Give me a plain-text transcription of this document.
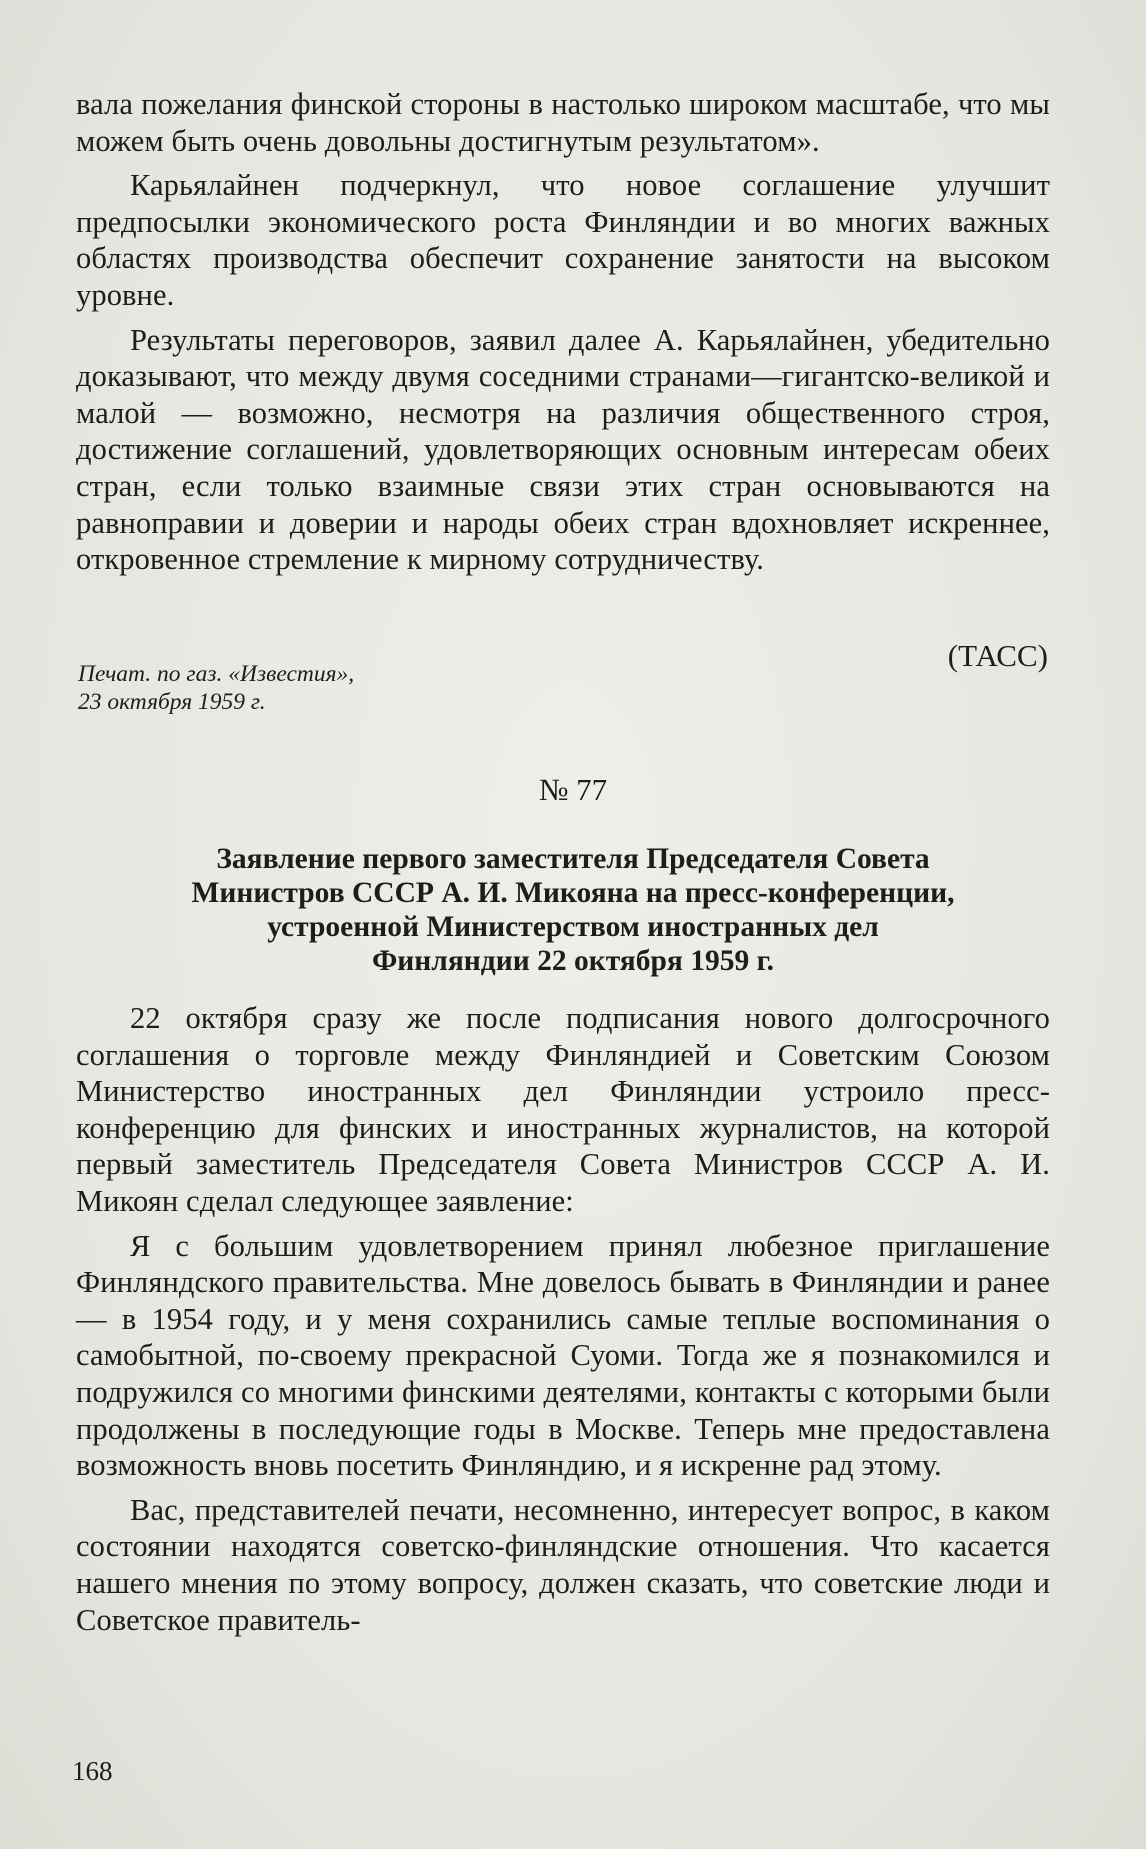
вала пожелания финской стороны в настолько широком масштабе, что мы можем быть очень довольны достигнутым результатом».

Карьялайнен подчеркнул, что новое соглашение улучшит предпосылки экономического роста Финляндии и во многих важных областях производства обеспечит сохранение занятости на высоком уровне.

Результаты переговоров, заявил далее А. Карьялайнен, убедительно доказывают, что между двумя соседними странами—гигантско-великой и малой — возможно, несмотря на различия общественного строя, достижение соглашений, удовлетворяющих основным интересам обеих стран, если только взаимные связи этих стран основываются на равноправии и доверии и народы обеих стран вдохновляет искреннее, откровенное стремление к мирному сотрудничеству.

(ТАСС)
Печат. по газ. «Известия»,
23 октября 1959 г.
№ 77
Заявление первого заместителя Председателя Совета
Министров СССР А. И. Микояна на пресс-конференции,
устроенной Министерством иностранных дел
Финляндии 22 октября 1959 г.

22 октября сразу же после подписания нового долгосрочного соглашения о торговле между Финляндией и Советским Союзом Министерство иностранных дел Финляндии устроило пресс-конференцию для финских и иностранных журналистов, на которой первый заместитель Председателя Совета Министров СССР А. И. Микоян сделал следующее заявление:

Я с большим удовлетворением принял любезное приглашение Финляндского правительства. Мне довелось бывать в Финляндии и ранее — в 1954 году, и у меня сохранились самые теплые воспоминания о самобытной, по-своему прекрасной Суоми. Тогда же я познакомился и подружился со многими финскими деятелями, контакты с которыми были продолжены в последующие годы в Москве. Теперь мне предоставлена возможность вновь посетить Финляндию, и я искренне рад этому.

Вас, представителей печати, несомненно, интересует вопрос, в каком состоянии находятся советско-финляндские отношения. Что касается нашего мнения по этому вопросу, должен сказать, что советские люди и Советское правитель-

168
